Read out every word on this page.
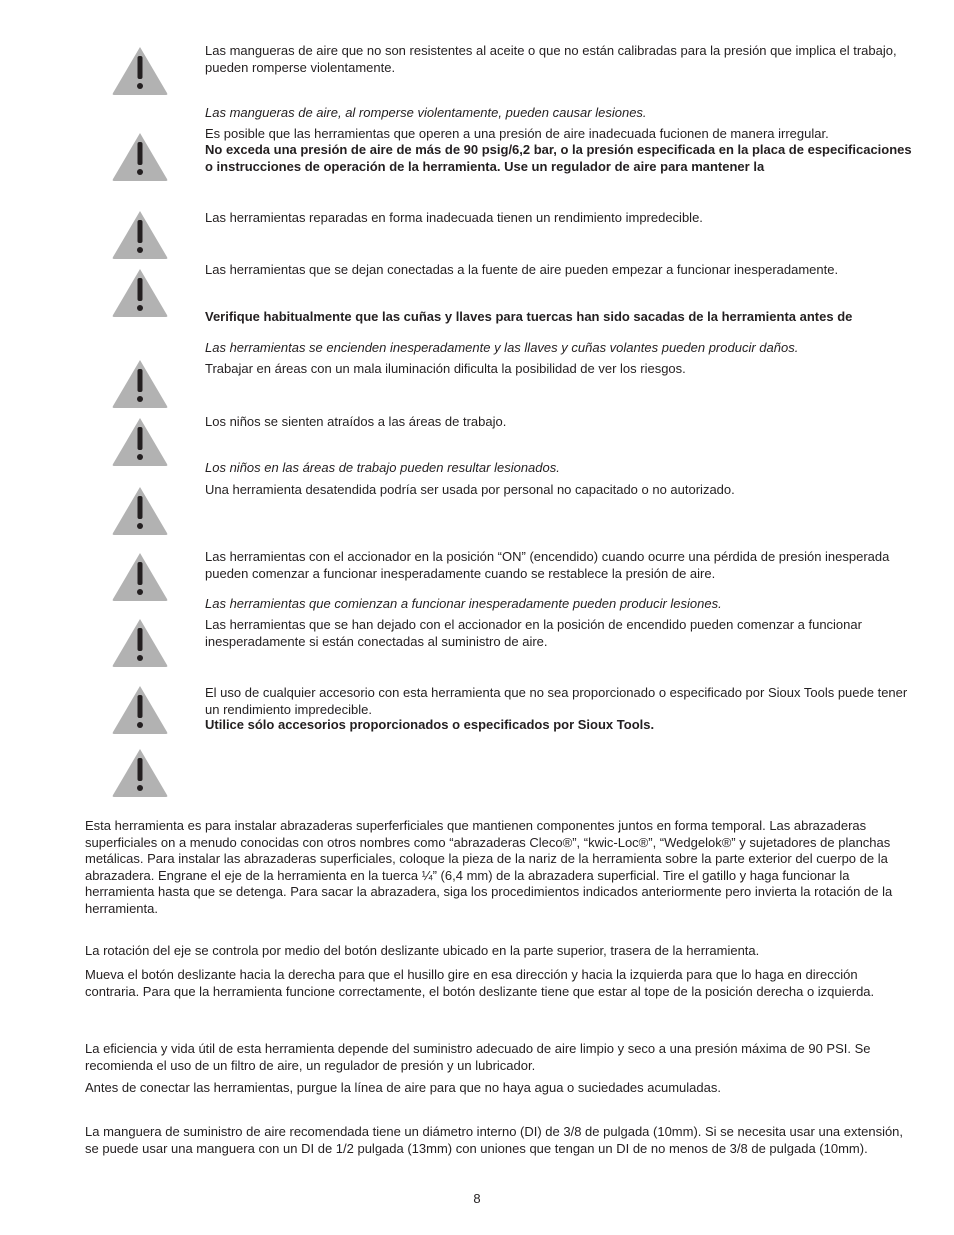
Las mangueras de aire que no son resistentes al aceite o que no están calibradas para la presión que implica el trabajo, pueden romperse violentamente.

Las mangueras de aire, al romperse violentamente, pueden causar lesiones.

Es posible que las herramientas que operen a una presión de aire inadecuada fucionen de manera irregular.

No exceda una presión de aire de más de 90 psig/6,2 bar, o la presión especificada en la placa de especificaciones o instrucciones de operación de la herramienta. Use un regulador de aire para mantener la

Las herramientas reparadas en forma inadecuada tienen un rendimiento impredecible.

Las herramientas que se dejan conectadas a la fuente de aire pueden empezar a funcionar inesperadamente.

Verifique habitualmente que las cuñas y llaves para tuercas han sido sacadas de la herramienta antes de

Las herramientas se encienden inesperadamente y las llaves y cuñas volantes pueden producir daños.

Trabajar en áreas con un mala iluminación dificulta la posibilidad de ver los riesgos.

Los niños se sienten atraídos a las áreas de trabajo.

Los niños en las áreas de trabajo pueden resultar lesionados.

Una herramienta desatendida podría ser usada por personal no capacitado o no autorizado.

Las herramientas con el accionador en la posición “ON” (encendido) cuando ocurre una pérdida de presión inesperada pueden comenzar a funcionar inesperadamente cuando se restablece la presión de aire.

Las herramientas que comienzan a funcionar inesperadamente pueden producir lesiones.

Las herramientas que se han dejado con el accionador en la posición de encendido pueden comenzar a funcionar inesperadamente si están conectadas al suministro de aire.

El uso de cualquier accesorio con esta herramienta que no sea proporcionado o especificado por Sioux Tools puede tener un rendimiento impredecible.

Utilice sólo accesorios proporcionados o especificados por Sioux Tools.

Esta herramienta es para instalar abrazaderas superferficiales que mantienen componentes juntos en forma temporal. Las abrazaderas superficiales on a menudo conocidas con otros nombres como “abrazaderas Cleco®”, “kwic-Loc®”, “Wedgelok®” y sujetadores de planchas metálicas. Para instalar las abrazaderas superficiales, coloque la pieza de la nariz de la herramienta sobre la parte exterior del cuerpo de la abrazadera. Engrane el eje de la herramienta en la tuerca ¼” (6,4 mm) de la abrazadera superficial. Tire el gatillo y haga funcionar la herramienta hasta que se detenga. Para sacar la abrazadera, siga los procedimientos indicados anteriormente pero invierta la rotación de la herramienta.

La rotación del eje se controla por medio del botón deslizante ubicado en la parte superior, trasera de la herramienta.

Mueva el botón deslizante hacia la derecha para que el husillo gire en esa dirección y hacia la izquierda para que lo haga en dirección contraria. Para que la herramienta funcione correctamente, el botón deslizante tiene que estar al tope de la posición derecha o izquierda.

La eficiencia y vida útil de esta herramienta depende del suministro adecuado de aire limpio y seco a una presión máxima de 90 PSI. Se recomienda el uso de un filtro de aire, un regulador de presión y un lubricador.

Antes de conectar las herramientas, purgue la línea de aire para que no haya agua o suciedades acumuladas.

La manguera de suministro de aire recomendada tiene un diámetro interno (DI) de 3/8 de pulgada (10mm). Si se necesita usar una extensión, se puede usar una manguera con un DI de 1/2 pulgada (13mm) con uniones que tengan un DI de no menos de 3/8 de pulgada (10mm).

8
